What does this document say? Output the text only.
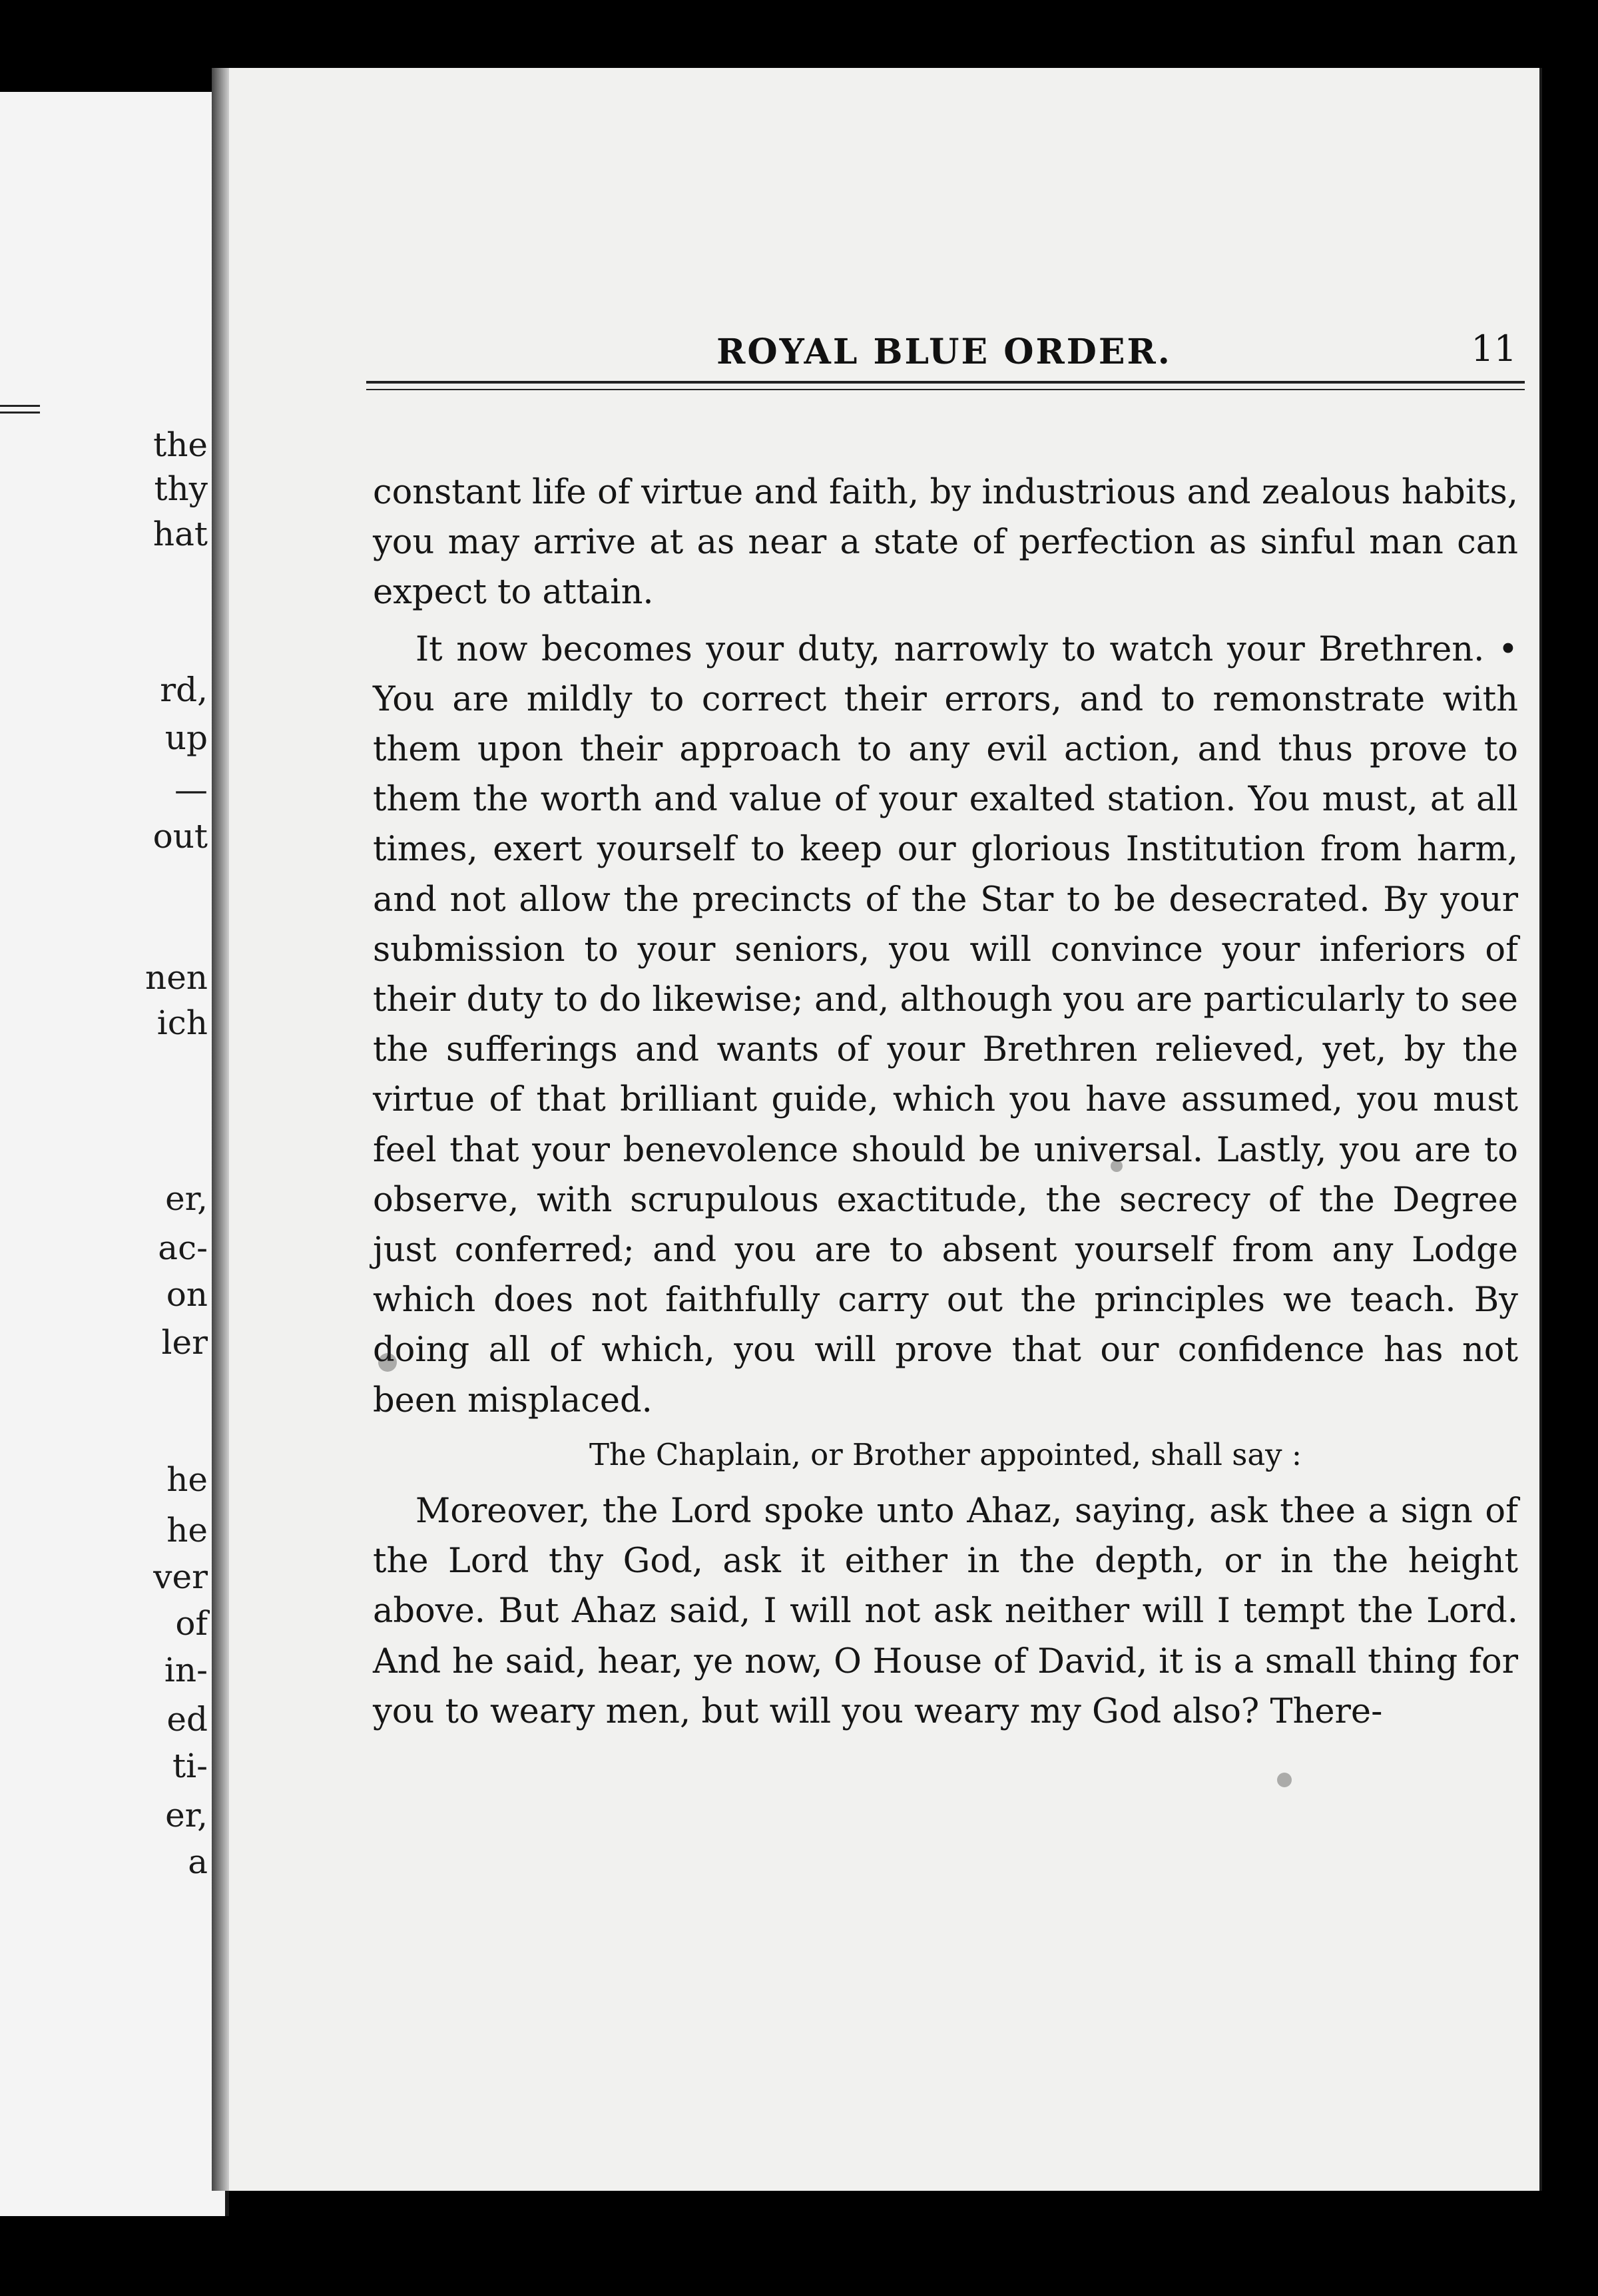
the
thy
hat
rd,
up
—
out
nen
ich
er,
ac-
on
ler
he
he
ver
of
in-
ed
ti-
er,
a
ROYAL BLUE ORDER.	11

constant life of virtue and faith, by industrious and zealous habits, you may arrive at as near a state of perfection as sinful man can expect to attain.

It now becomes your duty, narrowly to watch your Brethren. • You are mildly to correct their errors, and to remonstrate with them upon their approach to any evil action, and thus prove to them the worth and value of your exalted station. You must, at all times, exert yourself to keep our glorious Institution from harm, and not allow the precincts of the Star to be desecrated. By your submission to your seniors, you will convince your inferiors of their duty to do likewise; and, although you are particularly to see the sufferings and wants of your Brethren relieved, yet, by the virtue of that brilliant guide, which you have assumed, you must feel that your benevolence should be universal. Lastly, you are to observe, with scrupulous exactitude, the secrecy of the Degree just conferred; and you are to absent yourself from any Lodge which does not faithfully carry out the principles we teach. By doing all of which, you will prove that our confidence has not been misplaced.

The Chaplain, or Brother appointed, shall say :

Moreover, the Lord spoke unto Ahaz, saying, ask thee a sign of the Lord thy God, ask it either in the depth, or in the height above. But Ahaz said, I will not ask neither will I tempt the Lord. And he said, hear, ye now, O House of David, it is a small thing for you to weary men, but will you weary my God also? There-
